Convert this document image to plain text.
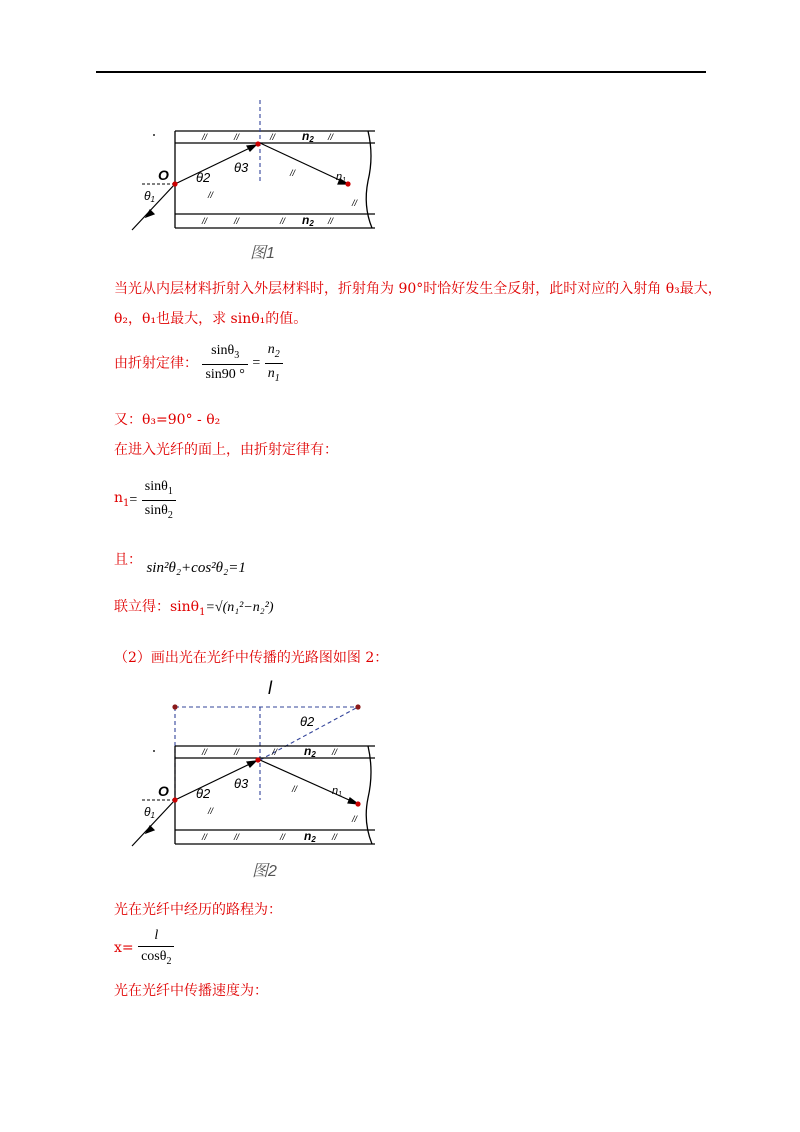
//	//	//	//
//	//	//	//
//
//
//
n2
n2
n1
O θ2
θ3
θ1
图1
当光从内层材料折射入外层材料时，折射角为 90°时恰好发生全反射，此时对应的入射角 θ₃最大，
θ₂，θ₁也最大，求 sinθ₁的值。
由折射定律： $\frac{\sin\theta_3}{\sin 90 ^\circ} = \frac{n_2}{n_1}$
又：θ₃=90° - θ₂
在进入光纤的面上，由折射定律有：
$n_1= \frac{\sin\theta_1}{\sin\theta_2}$
且： sin²θ₂+cos²θ₂=1
联立得：sinθ$_1$=√(n₁²−n₂²)
（2）画出光在光纤中传播的光路图如图 2：
l
//	//	//	//
//	//	//	//
//
//
//
θ2
n2
n2
n1
O θ2
θ3
θ1
图2
光在光纤中经历的路程为：
$x= \frac{l}{\cos\theta_2}$
光在光纤中传播速度为：
